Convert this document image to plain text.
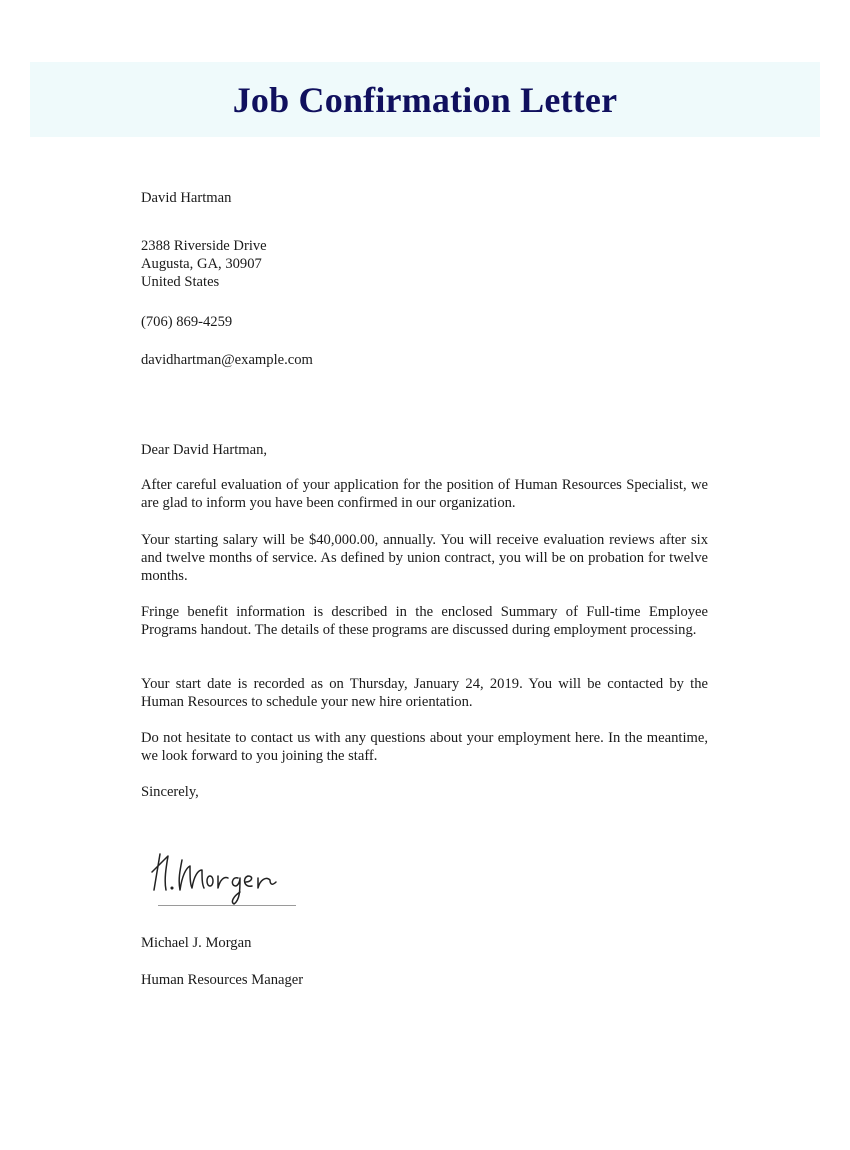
Job Confirmation Letter
David Hartman
2388 Riverside Drive
Augusta, GA, 30907
United States
(706) 869-4259
davidhartman@example.com
Dear David Hartman,
After careful evaluation of your application for the position of Human Resources Specialist, we are glad to inform you have been confirmed in our organization.
Your starting salary will be $40,000.00, annually. You will receive evaluation reviews after six and twelve months of service. As defined by union contract, you will be on probation for twelve months.
Fringe benefit information is described in the enclosed Summary of Full-time Employee Programs handout. The details of these programs are discussed during employment processing.
Your start date is recorded as on Thursday, January 24, 2019. You will be contacted by the Human Resources to schedule your new hire orientation.
Do not hesitate to contact us with any questions about your employment here. In the meantime, we look forward to you joining the staff.
Sincerely,
Michael J. Morgan
Human Resources Manager
